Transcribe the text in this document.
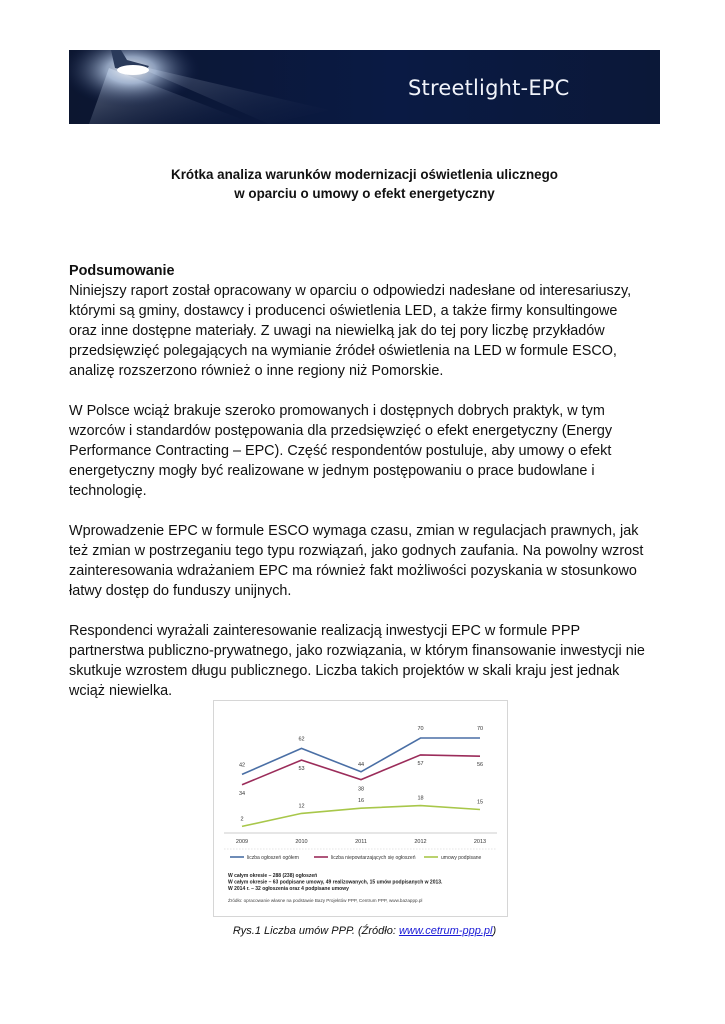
Streetlight-EPC
Krótka analiza warunków modernizacji oświetlenia ulicznego
w oparciu o umowy o efekt energetyczny
Podsumowanie
Niniejszy raport został opracowany w oparciu o odpowiedzi nadesłane od interesariuszy,
którymi są gminy, dostawcy i producenci oświetlenia LED, a także firmy konsultingowe
oraz inne dostępne materiały. Z uwagi na niewielką jak do tej pory liczbę przykładów
przedsięwzięć polegających na wymianie źródeł oświetlenia na LED w formule ESCO,
analizę rozszerzono również o inne regiony niż Pomorskie.
W Polsce wciąż brakuje szeroko promowanych i dostępnych dobrych praktyk, w tym
wzorców i standardów postępowania dla przedsięwzięć o efekt energetyczny (Energy
Performance Contracting – EPC). Część respondentów postuluje, aby umowy o efekt
energetyczny mogły być realizowane w jednym postępowaniu o prace budowlane i
technologię.
Wprowadzenie EPC w formule ESCO wymaga czasu, zmian w regulacjach prawnych, jak
też zmian w postrzeganiu tego typu rozwiązań, jako godnych zaufania. Na powolny wzrost
zainteresowania wdrażaniem EPC ma również fakt możliwości pozyskania w stosunkowo
łatwy dostęp do funduszy unijnych.
Respondenci wyrażali zainteresowanie realizacją inwestycji EPC w formule PPP
partnerstwa publiczno-prywatnego, jako rozwiązania, w którym finansowanie inwestycji nie
skutkuje wzrostem długu publicznego. Liczba takich projektów w skali kraju jest jednak
wciąż niewielka.
2009	2010	2011	2012	2013
42
62
44
70	70
34
53
38
57	56
2
12
16	18
15
liczba ogłoszeń ogółem	liczba niepowtarzających się ogłoszeń	umowy podpisane
W całym okresie – 288 (238) ogłoszeń
W całym okresie – 63 podpisane umowy, 49 realizowanych, 15 umów podpisanych w 2013.
W 2014 r. – 32 ogłoszenia oraz 4 podpisane umowy
Źródło: opracowanie własne na podstawie Bazy Projektów PPP, Centrum PPP, www.bazappp.pl
Rys.1 Liczba umów PPP. (Źródło: www.cetrum-ppp.pl)
